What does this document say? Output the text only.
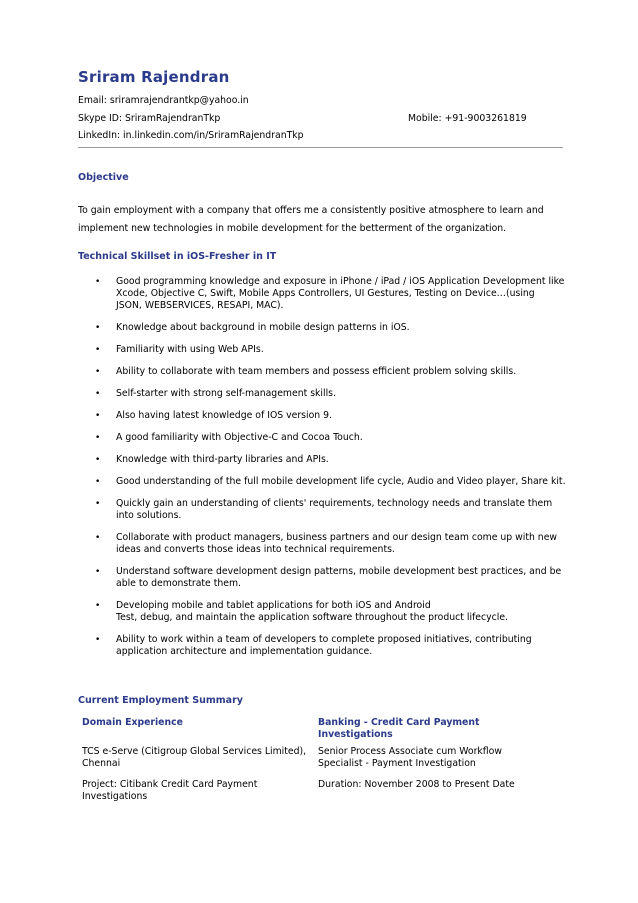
Sriram Rajendran
Email: sriramrajendrantkp@yahoo.in
Skype ID: SriramRajendranTkp	Mobile: +91-9003261819
LinkedIn: in.linkedin.com/in/SriramRajendranTkp
Objective
To gain employment with a company that offers me a consistently positive atmosphere to learn and
implement new technologies in mobile development for the betterment of the organization.
Technical Skillset in iOS-Fresher in IT
• Good programming knowledge and exposure in iPhone / iPad / iOS Application Development like
Xcode, Objective C, Swift, Mobile Apps Controllers, UI Gestures, Testing on Device…(using
JSON, WEBSERVICES, RESAPI, MAC).
• Knowledge about background in mobile design patterns in iOS.
• Familiarity with using Web APIs.
• Ability to collaborate with team members and possess efficient problem solving skills.
• Self-starter with strong self-management skills.
• Also having latest knowledge of IOS version 9.
• A good familiarity with Objective-C and Cocoa Touch.
• Knowledge with third-party libraries and APIs.
• Good understanding of the full mobile development life cycle, Audio and Video player, Share kit.
• Quickly gain an understanding of clients' requirements, technology needs and translate them
into solutions.
• Collaborate with product managers, business partners and our design team come up with new
ideas and converts those ideas into technical requirements.
• Understand software development design patterns, mobile development best practices, and be
able to demonstrate them.
• Developing mobile and tablet applications for both iOS and Android
Test, debug, and maintain the application software throughout the product lifecycle.
• Ability to work within a team of developers to complete proposed initiatives, contributing
application architecture and implementation guidance.
Current Employment Summary
Domain Experience	Banking - Credit Card Payment Investigations
TCS e-Serve (Citigroup Global Services Limited), Chennai	Senior Process Associate cum Workflow Specialist - Payment Investigation
Project: Citibank Credit Card Payment Investigations	Duration: November 2008 to Present Date
